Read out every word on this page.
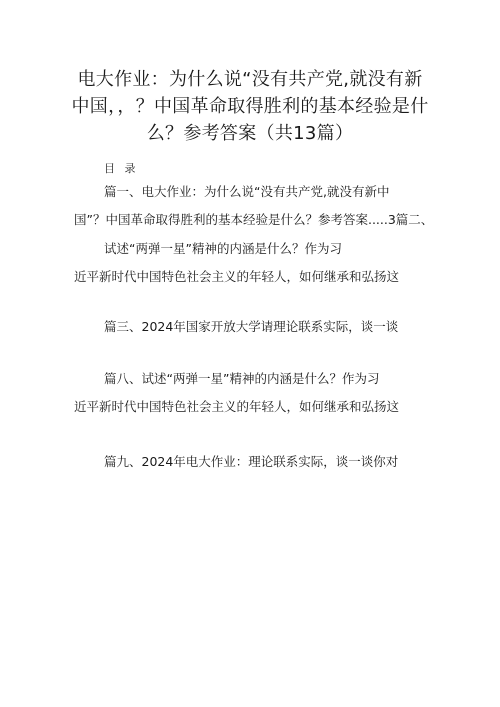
电大作业：为什么说“没有共产党,就没有新
中国，，？中国革命取得胜利的基本经验是什
么？参考答案（共13篇）

目 录

篇一、电大作业：为什么说“没有共产党,就没有新中

国”？中国革命取得胜利的基本经验是什么？参考答案.....3篇二、

试述“两弹一星”精神的内涵是什么？作为习

近平新时代中国特色社会主义的年轻人，如何继承和弘扬这

篇三、2024年国家开放大学请理论联系实际，谈一谈

篇八、试述“两弹一星”精神的内涵是什么？作为习

近平新时代中国特色社会主义的年轻人，如何继承和弘扬这

篇九、2024年电大作业：理论联系实际，谈一谈你对
